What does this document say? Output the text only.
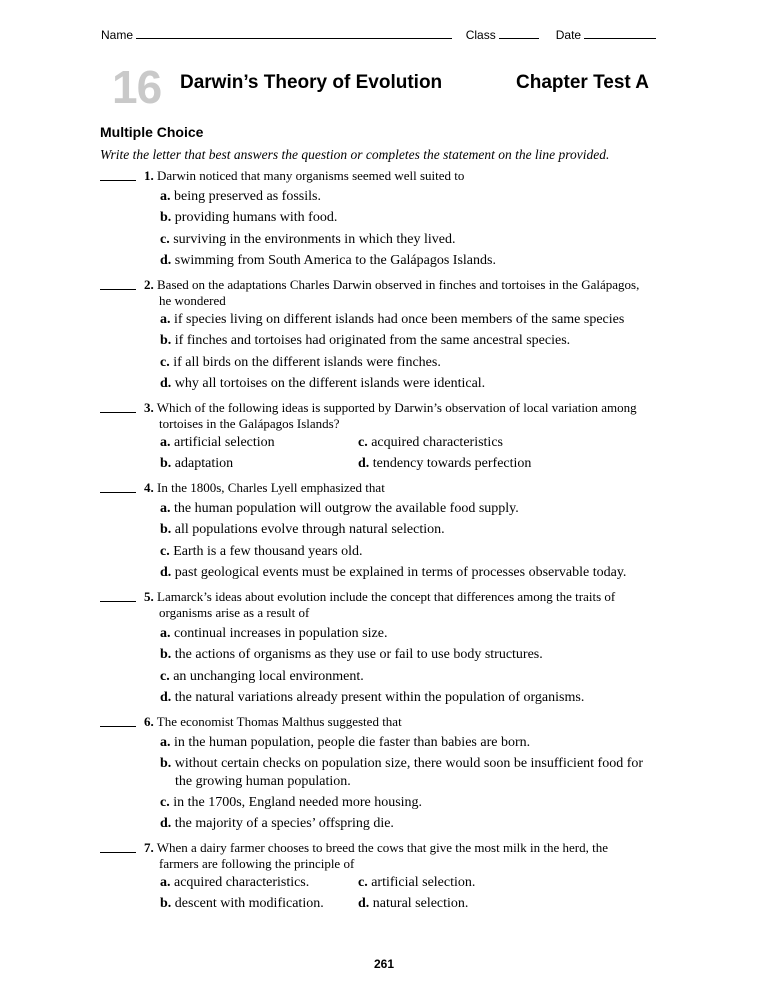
Name	Class	Date
16 Darwin’s Theory of Evolution	Chapter Test A
Multiple Choice
Write the letter that best answers the question or completes the statement on the line provided.
1. Darwin noticed that many organisms seemed well suited to
a. being preserved as fossils.
b. providing humans with food.
c. surviving in the environments in which they lived.
d. swimming from South America to the Galápagos Islands.
2. Based on the adaptations Charles Darwin observed in finches and tortoises in the Galápagos,
he wondered
a. if species living on different islands had once been members of the same species
b. if finches and tortoises had originated from the same ancestral species.
c. if all birds on the different islands were finches.
d. why all tortoises on the different islands were identical.
3. Which of the following ideas is supported by Darwin’s observation of local variation among
tortoises in the Galápagos Islands?
a. artificial selection	c. acquired characteristics
b. adaptation	d. tendency towards perfection
4. In the 1800s, Charles Lyell emphasized that
a. the human population will outgrow the available food supply.
b. all populations evolve through natural selection.
c. Earth is a few thousand years old.
d. past geological events must be explained in terms of processes observable today.
5. Lamarck’s ideas about evolution include the concept that differences among the traits of
organisms arise as a result of
a. continual increases in population size.
b. the actions of organisms as they use or fail to use body structures.
c. an unchanging local environment.
d. the natural variations already present within the population of organisms.
6. The economist Thomas Malthus suggested that
a. in the human population, people die faster than babies are born.
b. without certain checks on population size, there would soon be insufficient food for
the growing human population.
c. in the 1700s, England needed more housing.
d. the majority of a species’ offspring die.
7. When a dairy farmer chooses to breed the cows that give the most milk in the herd, the
farmers are following the principle of
a. acquired characteristics.	c. artificial selection.
b. descent with modification.	d. natural selection.
261
